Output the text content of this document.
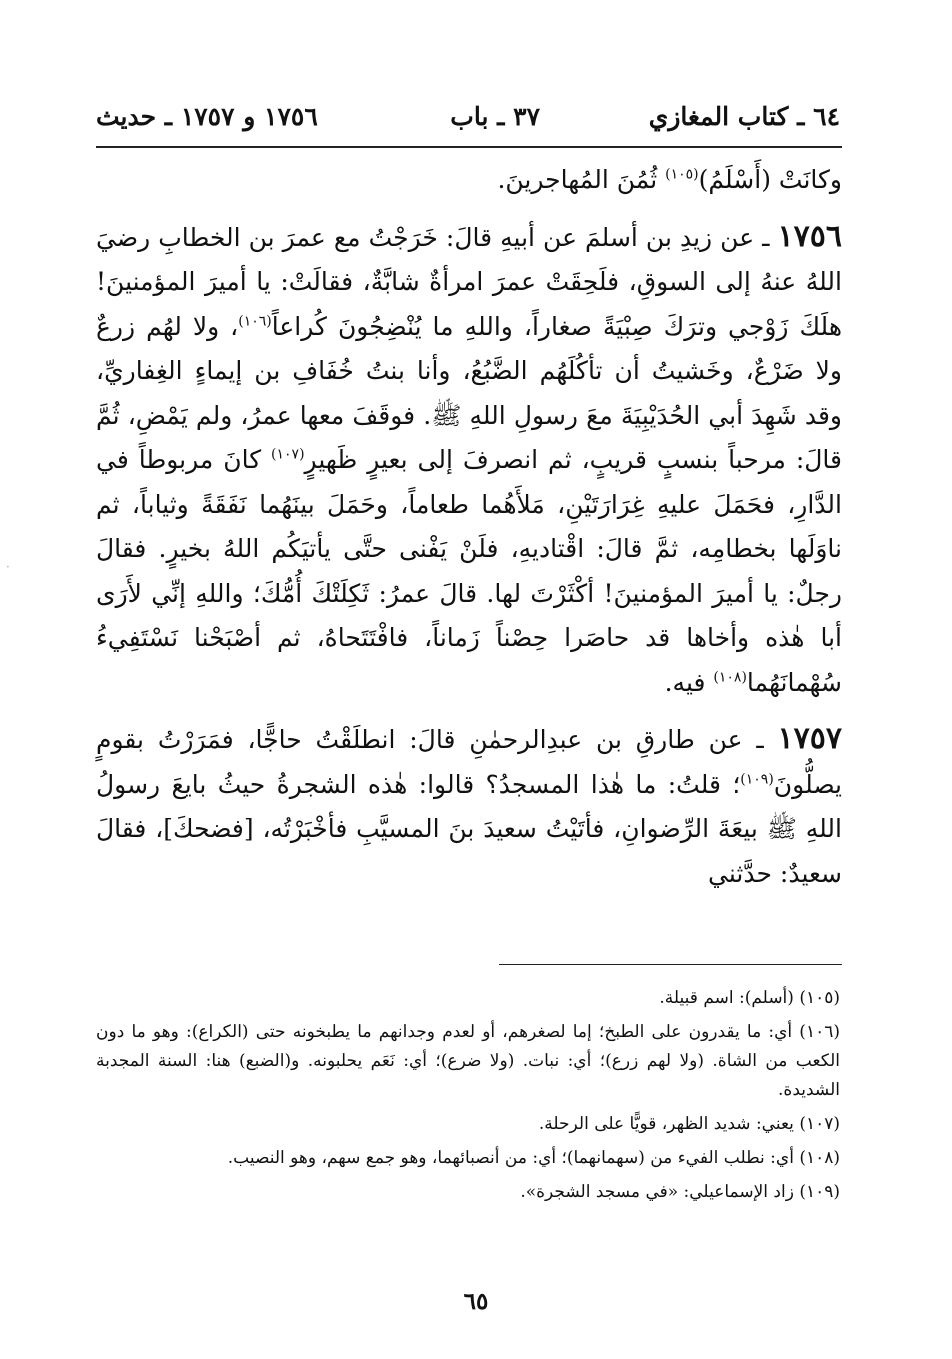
٦٤ ـ كتاب المغازي
٣٧ ـ باب
١٧٥٦ و ١٧٥٧ ـ حديث

وكانَتْ (أَسْلَمُ)$^{(١٠٥)}$ ثُمُنَ المُهاجرينَ.

١٧٥٦ ـ عن زيدِ بن أسلمَ عن أبيهِ قالَ: خَرَجْتُ مع عمرَ بن الخطابِ رضيَ اللهُ عنهُ إلى السوقِ، فلَحِقَتْ عمرَ امرأةٌ شابَّةٌ، فقالَتْ: يا أميرَ المؤمنينَ! هلَكَ زَوْجي وترَكَ صِبْيَةً صغاراً، واللهِ ما يُنْضِجُونَ كُراعاً$^{(١٠٦)}$، ولا لهُم زرعٌ ولا ضَرْعٌ، وخَشيتُ أن تأكُلَهُم الضَّبُعُ، وأنا بنتُ خُفَافِ بن إيماءٍ الغِفاريِّ، وقد شَهِدَ أبي الحُدَيْبِيَةَ معَ رسولِ اللهِ ﷺ. فوقَفَ معها عمرُ، ولم يَمْضِ، ثُمَّ قالَ: مرحباً بنسبٍ قريبٍ، ثم انصرفَ إلى بعيرٍ ظَهيرٍ$^{(١٠٧)}$ كانَ مربوطاً في الدَّارِ، فحَمَلَ عليهِ غِرَارَتَيْنِ، مَلأَهُما طعاماً، وحَمَلَ بينَهُما نَفَقَةً وثياباً، ثم ناوَلَها بخطامِه، ثمَّ قالَ: اقْتاديهِ، فلَنْ يَفْنى حتَّى يأتيَكُم اللهُ بخيرٍ. فقالَ رجلٌ: يا أميرَ المؤمنينَ! أكْثَرْتَ لها. قالَ عمرُ: ثَكِلَتْكَ أُمُّكَ؛ واللهِ إنِّي لأَرَى أبا هٰذه وأخاها قد حاصَرا حِصْناً زَماناً، فافْتَتَحاهُ، ثم أصْبَحْنا نَسْتَفِيءُ سُهْمانَهُما$^{(١٠٨)}$ فيه.

١٧٥٧ ـ عن طارقِ بن عبدِالرحمٰنِ قالَ: انطلَقْتُ حاجًّا، فمَرَرْتُ بقومٍ يصلُّونَ$^{(١٠٩)}$؛ قلتُ: ما هٰذا المسجدُ؟ قالوا: هٰذه الشجرةُ حيثُ بايعَ رسولُ اللهِ ﷺ بيعَةَ الرِّضوانِ، فأتَيْتُ سعيدَ بنَ المسيَّبِ فأخْبَرْتُه، [فضحكَ]، فقالَ سعيدٌ: حدَّثني

(١٠٥) (أسلم): اسم قبيلة.

(١٠٦) أي: ما يقدرون على الطبخ؛ إما لصغرهم، أو لعدم وجدانهم ما يطبخونه حتى (الكراع): وهو ما دون الكعب من الشاة. (ولا لهم زرع)؛ أي: نبات. (ولا ضرع)؛ أي: نَعَم يحلبونه. و(الضبع) هنا: السنة المجدبة الشديدة.

(١٠٧) يعني: شديد الظهر، قويًّا على الرحلة.

(١٠٨) أي: نطلب الفيء من (سهمانهما)؛ أي: من أنصبائهما، وهو جمع سهم، وهو النصيب.

(١٠٩) زاد الإسماعيلي: «في مسجد الشجرة».

٦٥
·
